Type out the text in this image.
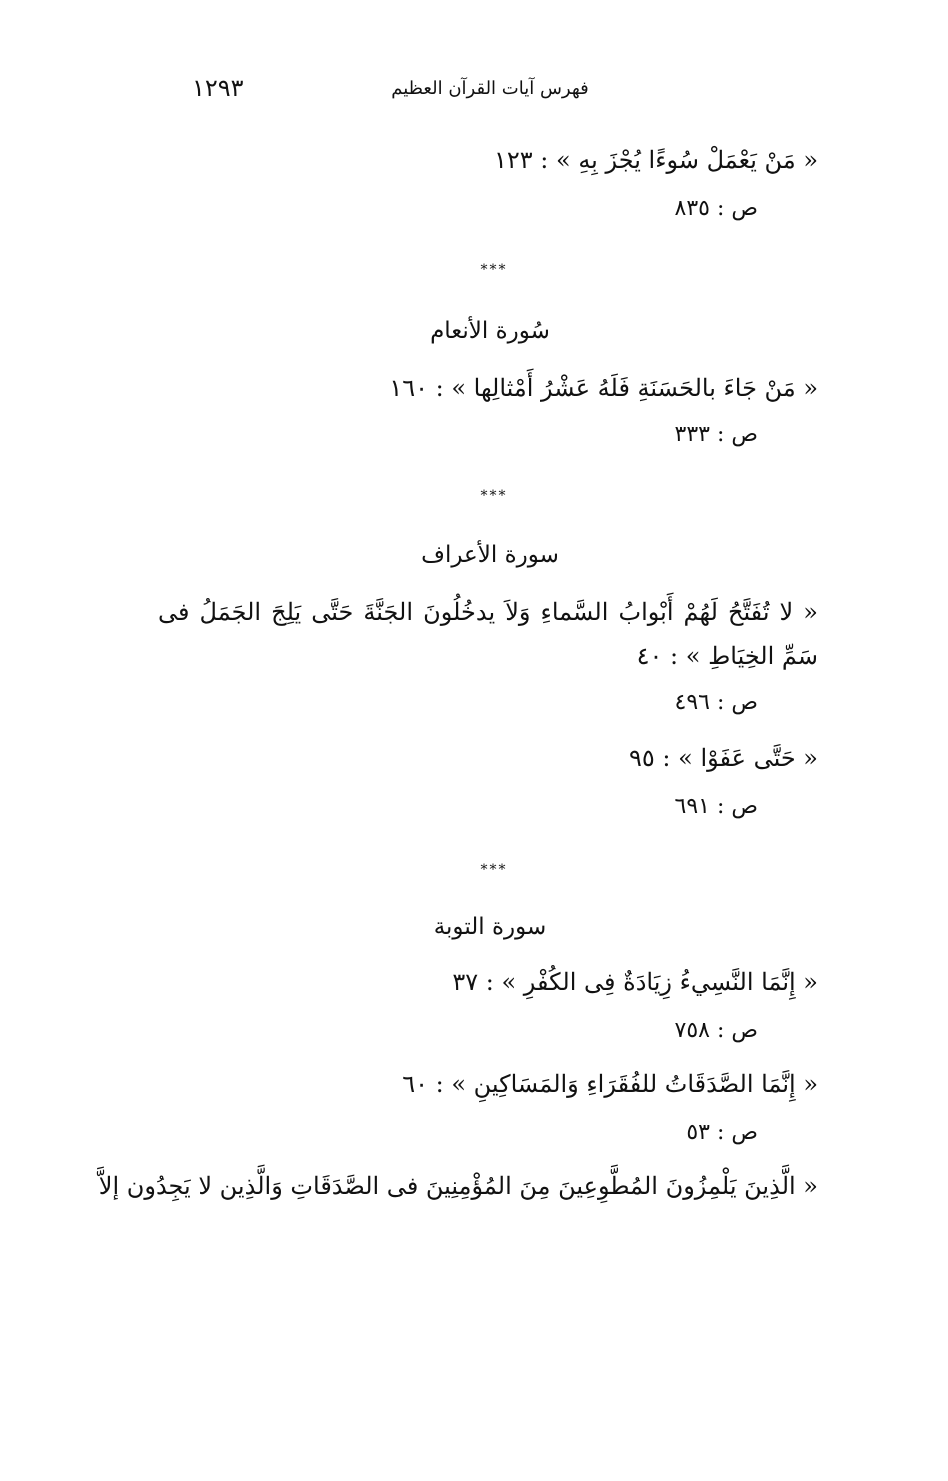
١٢٩٣	فهرس آيات القرآن العظيم
« مَنْ يَعْمَلْ سُوءًا يُجْزَ بِهِ » : ١٢٣
ص : ٨٣٥
***
سُورة الأنعام
« مَنْ جَاءَ بالحَسَنَةِ فَلَهُ عَشْرُ أَمْثالِها » : ١٦٠
ص : ٣٣٣
***
سورة الأعراف
« لا تُفَتَّحُ لَهُمْ أَبْوابُ السَّماءِ وَلاَ يدخُلُونَ الجَنَّةَ حَتَّى يَلِجَ الجَمَلُ فى سَمِّ الخِيَاطِ » : ٤٠
ص : ٤٩٦
« حَتَّى عَفَوْا » : ٩٥
ص : ٦٩١
***
سورة التوبة
« إِنَّمَا النَّسِيءُ زِيَادَةٌ فِى الكُفْرِ » : ٣٧
ص : ٧٥٨
« إِنَّمَا الصَّدَقَاتُ للفُقَرَاءِ وَالمَسَاكِينِ » : ٦٠
ص : ٥٣
« الَّذِينَ يَلْمِزُونَ المُطَّوِعِينَ مِنَ المُؤْمِنِينَ فى الصَّدَقَاتِ وَالَّذِين لا يَجِدُون إلاَّ
